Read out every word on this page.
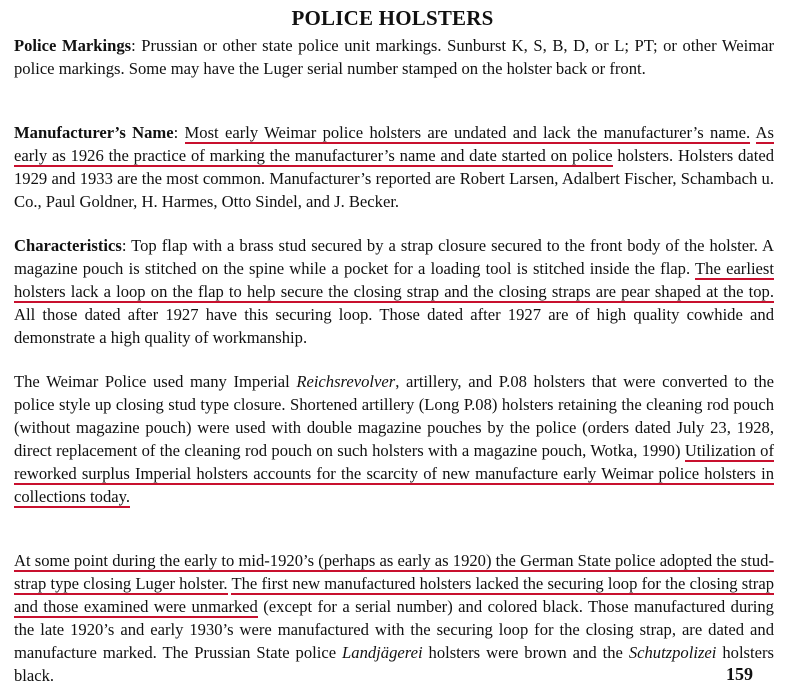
POLICE HOLSTERS

Police Markings: Prussian or other state police unit markings. Sunburst K, S, B, D, or L; PT; or other Weimar police markings. Some may have the Luger serial number stamped on the holster back or front.

Manufacturer’s Name: Most early Weimar police holsters are undated and lack the manufacturer’s name. As early as 1926 the practice of marking the manufacturer’s name and date started on police holsters. Holsters dated 1929 and 1933 are the most common. Manufacturer’s reported are Robert Larsen, Adalbert Fischer, Schambach u. Co., Paul Goldner, H. Harmes, Otto Sindel, and J. Becker.

Characteristics: Top flap with a brass stud secured by a strap closure secured to the front body of the holster. A magazine pouch is stitched on the spine while a pocket for a loading tool is stitched inside the flap. The earliest holsters lack a loop on the flap to help secure the closing strap and the closing straps are pear shaped at the top. All those dated after 1927 have this securing loop. Those dated after 1927 are of high quality cowhide and demonstrate a high quality of workmanship.

The Weimar Police used many Imperial Reichsrevolver, artillery, and P.08 holsters that were converted to the police style up closing stud type closure. Shortened artillery (Long P.08) holsters retaining the cleaning rod pouch (without magazine pouch) were used with double magazine pouches by the police (orders dated July 23, 1928, direct replacement of the cleaning rod pouch on such holsters with a magazine pouch, Wotka, 1990) Utilization of reworked surplus Imperial holsters accounts for the scarcity of new manufacture early Weimar police holsters in collections today.

At some point during the early to mid-1920’s (perhaps as early as 1920) the German State police adopted the stud-strap type closing Luger holster. The first new manufactured holsters lacked the securing loop for the closing strap and those examined were unmarked (except for a serial number) and colored black. Those manufactured during the late 1920’s and early 1930’s were manufactured with the securing loop for the closing strap, are dated and manufacture marked. The Prussian State police Landjägerei holsters were brown and the Schutzpolizei holsters black.	159
